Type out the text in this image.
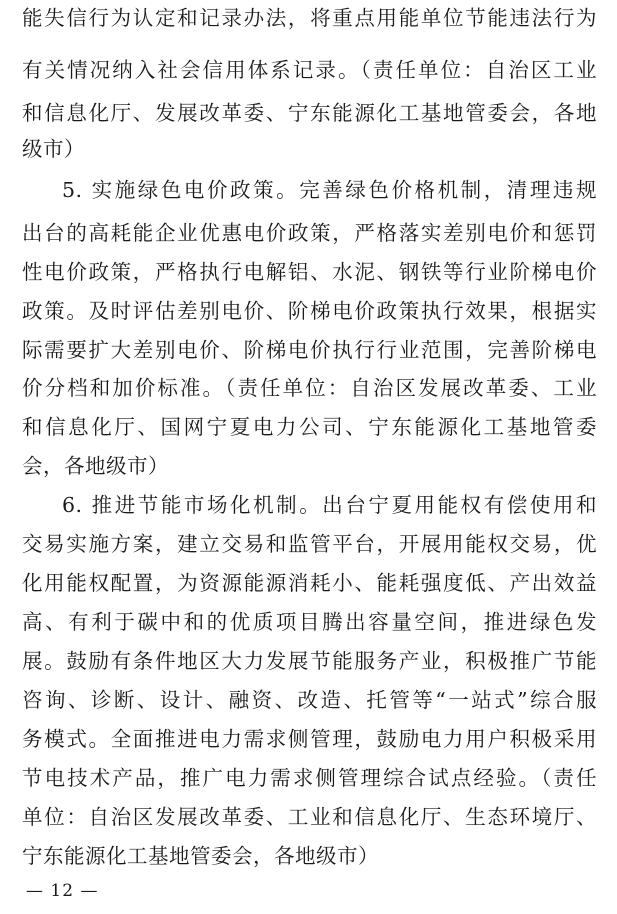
能失信行为认定和记录办法，将重点用能单位节能违法行为
有关情况纳入社会信用体系记录。（责任单位：自治区工业
和信息化厅、发展改革委、宁东能源化工基地管委会，各地
级市）
5. 实施绿色电价政策。完善绿色价格机制，清理违规
出台的高耗能企业优惠电价政策，严格落实差别电价和惩罚
性电价政策，严格执行电解铝、水泥、钢铁等行业阶梯电价
政策。及时评估差别电价、阶梯电价政策执行效果，根据实
际需要扩大差别电价、阶梯电价执行行业范围，完善阶梯电
价分档和加价标准。（责任单位：自治区发展改革委、工业
和信息化厅、国网宁夏电力公司、宁东能源化工基地管委
会，各地级市）
6. 推进节能市场化机制。出台宁夏用能权有偿使用和
交易实施方案，建立交易和监管平台，开展用能权交易，优
化用能权配置，为资源能源消耗小、能耗强度低、产出效益
高、有利于碳中和的优质项目腾出容量空间，推进绿色发
展。鼓励有条件地区大力发展节能服务产业，积极推广节能
咨询、诊断、设计、融资、改造、托管等“一站式”综合服
务模式。全面推进电力需求侧管理，鼓励电力用户积极采用
节电技术产品，推广电力需求侧管理综合试点经验。（责任
单位：自治区发展改革委、工业和信息化厅、生态环境厅、
宁东能源化工基地管委会，各地级市）
— 12 —
